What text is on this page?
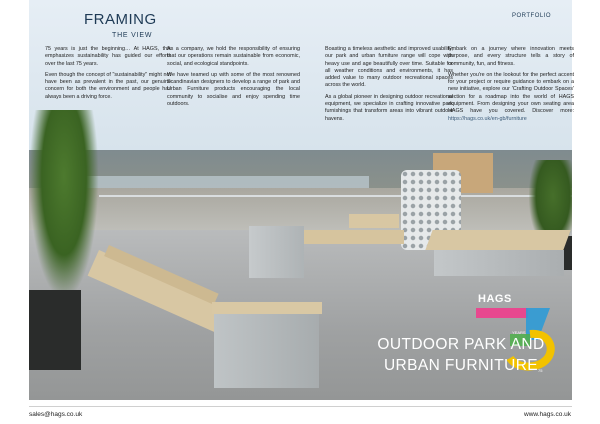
FRAMING
THE VIEW
PORTFOLIO

75 years is just the beginning… At HAGS, this emphasizes sustainability has guided our efforts over the last 75 years.

Even though the concept of "sustainability" might not have been as prevalent in the past, our genuine concern for both the environment and people has always been a driving force.

As a company, we hold the responsibility of ensuring that our operations remain sustainable from economic, social, and ecological standpoints.

We have teamed up with some of the most renowned Scandinavian designers to develop a range of park and Urban Furniture products encouraging the local community to socialise and enjoy spending time outdoors.

Boasting a timeless aesthetic and improved usability, our park and urban furniture range will cope with heavy use and age beautifully over time. Suitable for all weather conditions and environments, it has added value to many outdoor recreational spaces across the world.

As a global pioneer in designing outdoor recreational equipment, we specialize in crafting innovative park furnishings that transform areas into vibrant outdoor havens.

Embark on a journey where innovation meets purpose, and every structure tells a story of community, fun, and fitness.

Whether you're on the lookout for the perfect accent for your project or require guidance to embark on a new initiative, explore our 'Crafting Outdoor Spaces' section for a roadmap into the world of HAGS equipment. From designing your own seating area HAGS have you covered. Discover more: https://hags.co.uk/en-gb/furniture

YEARS
75
HAGS
OUTDOOR PARK AND
URBAN FURNITURE
sales@hags.co.uk	www.hags.co.uk
